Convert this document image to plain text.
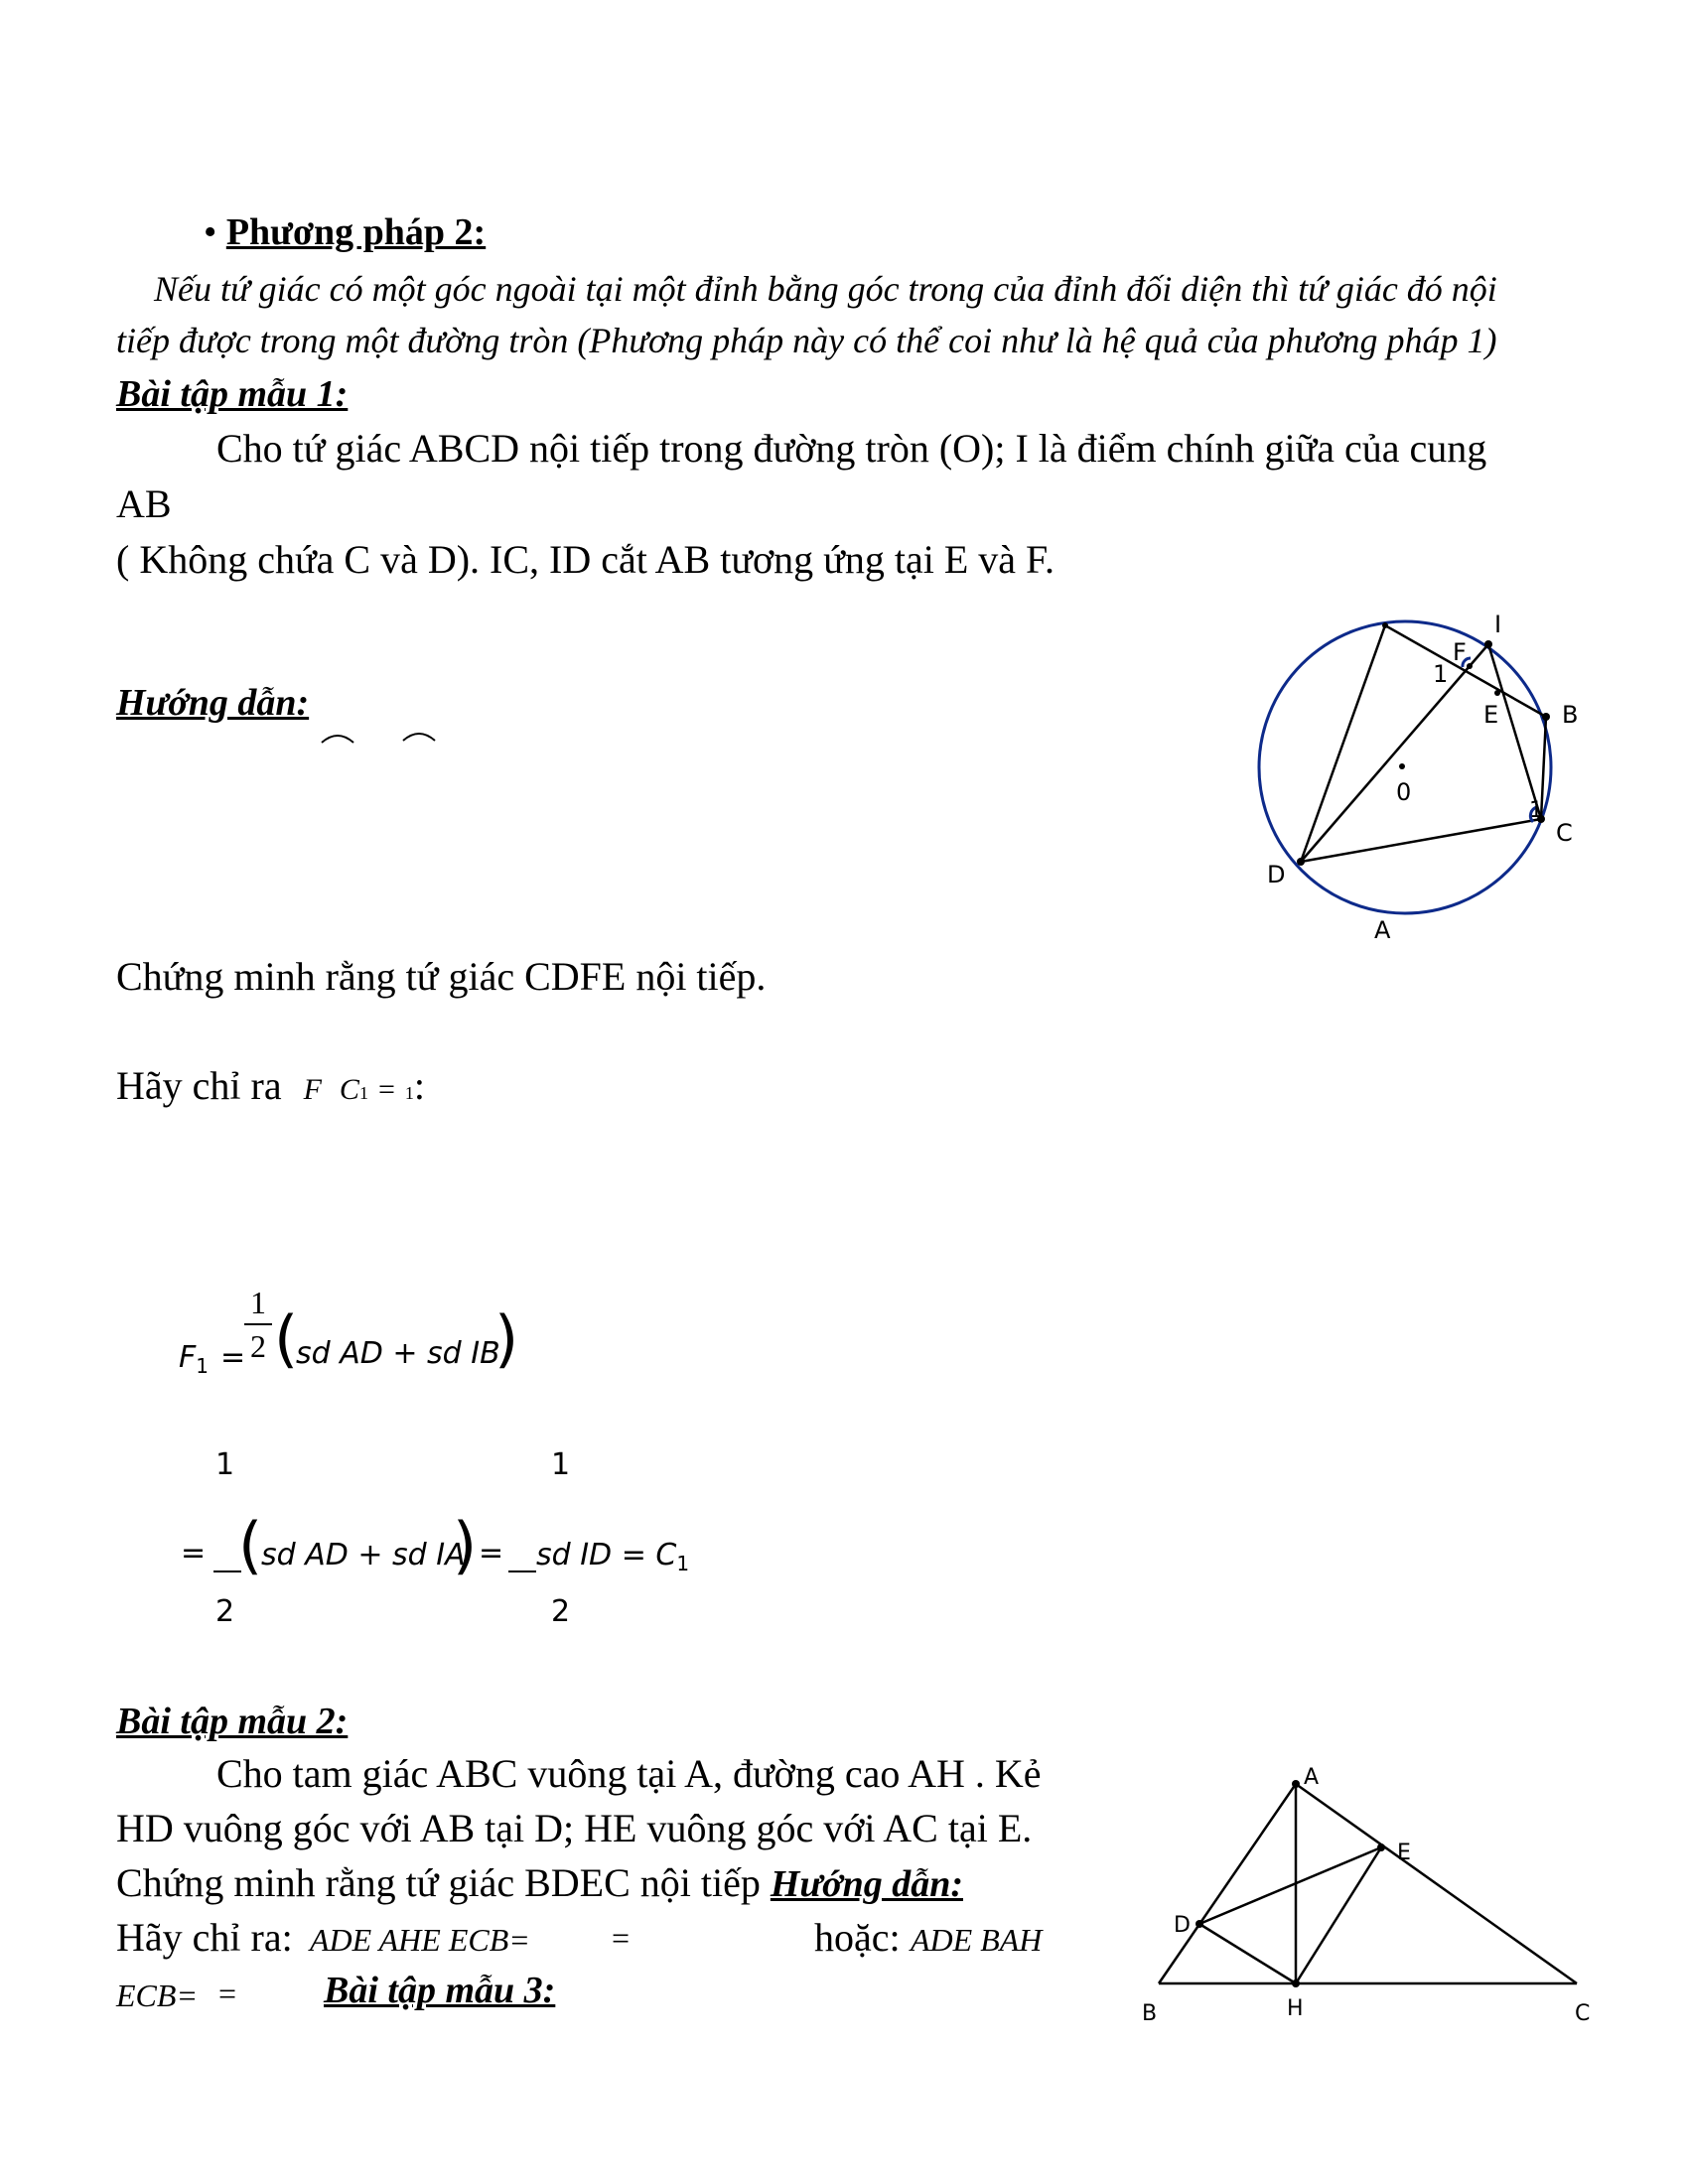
• Phương pháp 2:
Nếu tứ giác có một góc ngoài tại một đỉnh bằng góc trong của đỉnh đối diện thì tứ giác đó nội
tiếp được trong một đường tròn (Phương pháp này có thể coi như là hệ quả của phương pháp 1)
Bài tập mẫu 1:
Cho tứ giác ABCD nội tiếp trong đường tròn (O); I là điểm chính giữa của cung
AB
( Không chứa C và D). IC, ID cắt AB tương ứng tại E và F.
Hướng dẫn:
I
F
1
E	B
0
1
C
D
A
Chứng minh rằng tứ giác CDFE nội tiếp.
Hãy chỉ ra F C1 = 1:
$F_1$ =
1
2 (
sd AD + sd IB
)
1	1
= (
sd AD + sd IA
) = sd ID = $C_1$
2	2
Bài tập mẫu 2:
Cho tam giác ABC vuông tại A, đường cao AH . Kẻ
HD vuông góc với AB tại D; HE vuông góc với AC tại E.
Chứng minh rằng tứ giác BDEC nội tiếp Hướng dẫn:
Hãy chỉ ra: ADE AHE ECB=	=	hoặc: ADE BAH
ECB= = Bài tập mẫu 3:
A
E
D
B	H	C
